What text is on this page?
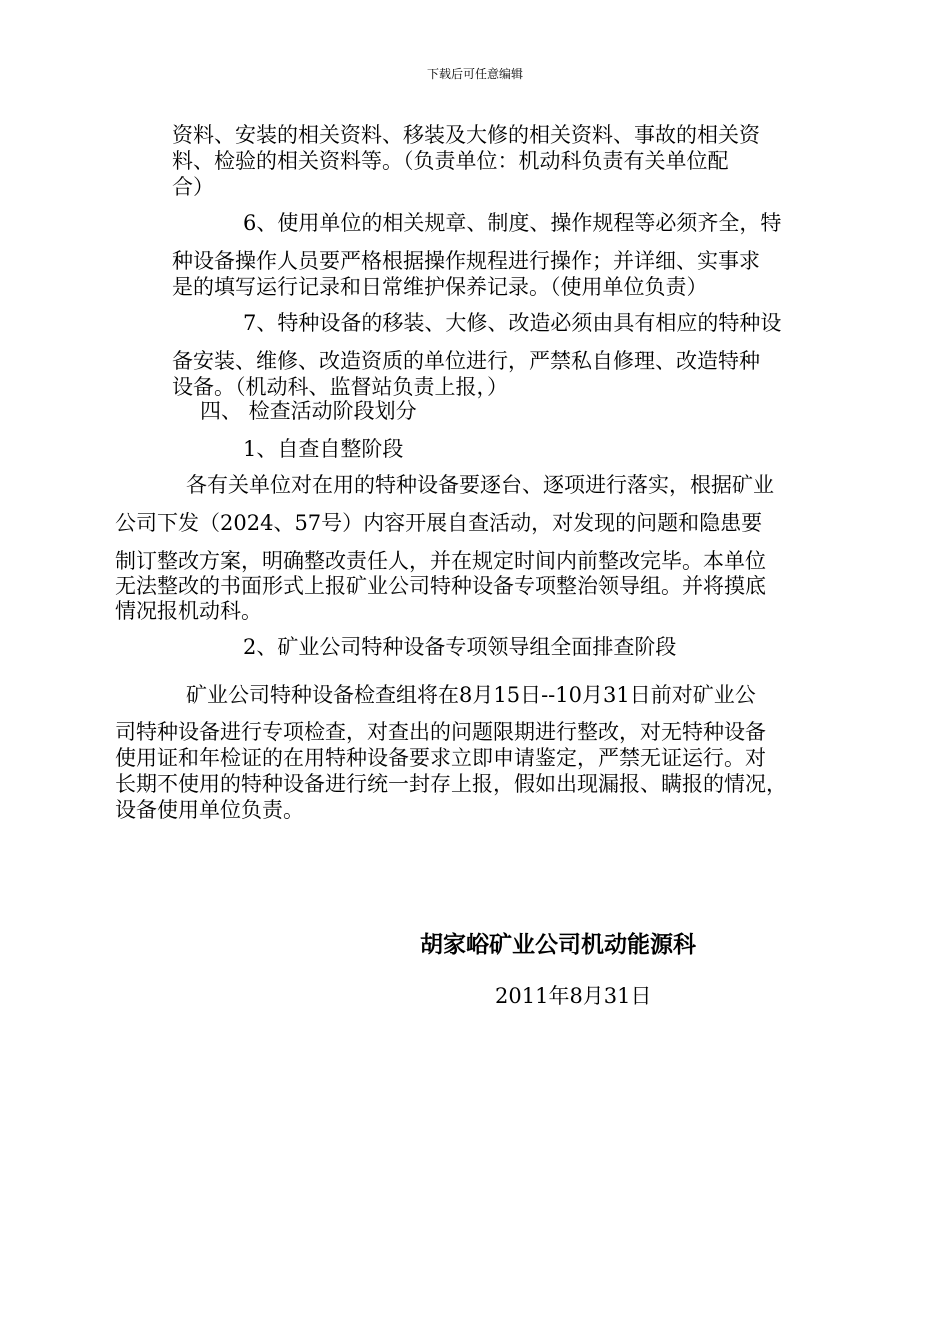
下载后可任意编辑
资料、安装的相关资料、移装及大修的相关资料、事故的相关资
料、检验的相关资料等。（负责单位：机动科负责有关单位配
合）
6、使用单位的相关规章、制度、操作规程等必须齐全，特
种设备操作人员要严格根据操作规程进行操作；并详细、实事求
是的填写运行记录和日常维护保养记录。（使用单位负责）
7、特种设备的移装、大修、改造必须由具有相应的特种设
备安装、维修、改造资质的单位进行，严禁私自修理、改造特种
设备。（机动科、监督站负责上报，）
四、 检查活动阶段划分
1、自查自整阶段
各有关单位对在用的特种设备要逐台、逐项进行落实，根据矿业
公司下发（2024、57号）内容开展自查活动，对发现的问题和隐患要
制订整改方案，明确整改责任人，并在规定时间内前整改完毕。本单位
无法整改的书面形式上报矿业公司特种设备专项整治领导组。并将摸底
情况报机动科。
2、矿业公司特种设备专项领导组全面排查阶段
矿业公司特种设备检查组将在8月15日--10月31日前对矿业公
司特种设备进行专项检查，对查出的问题限期进行整改，对无特种设备
使用证和年检证的在用特种设备要求立即申请鉴定，严禁无证运行。对
长期不使用的特种设备进行统一封存上报，假如出现漏报、瞒报的情况，
设备使用单位负责。
胡家峪矿业公司机动能源科
2011年8月31日
